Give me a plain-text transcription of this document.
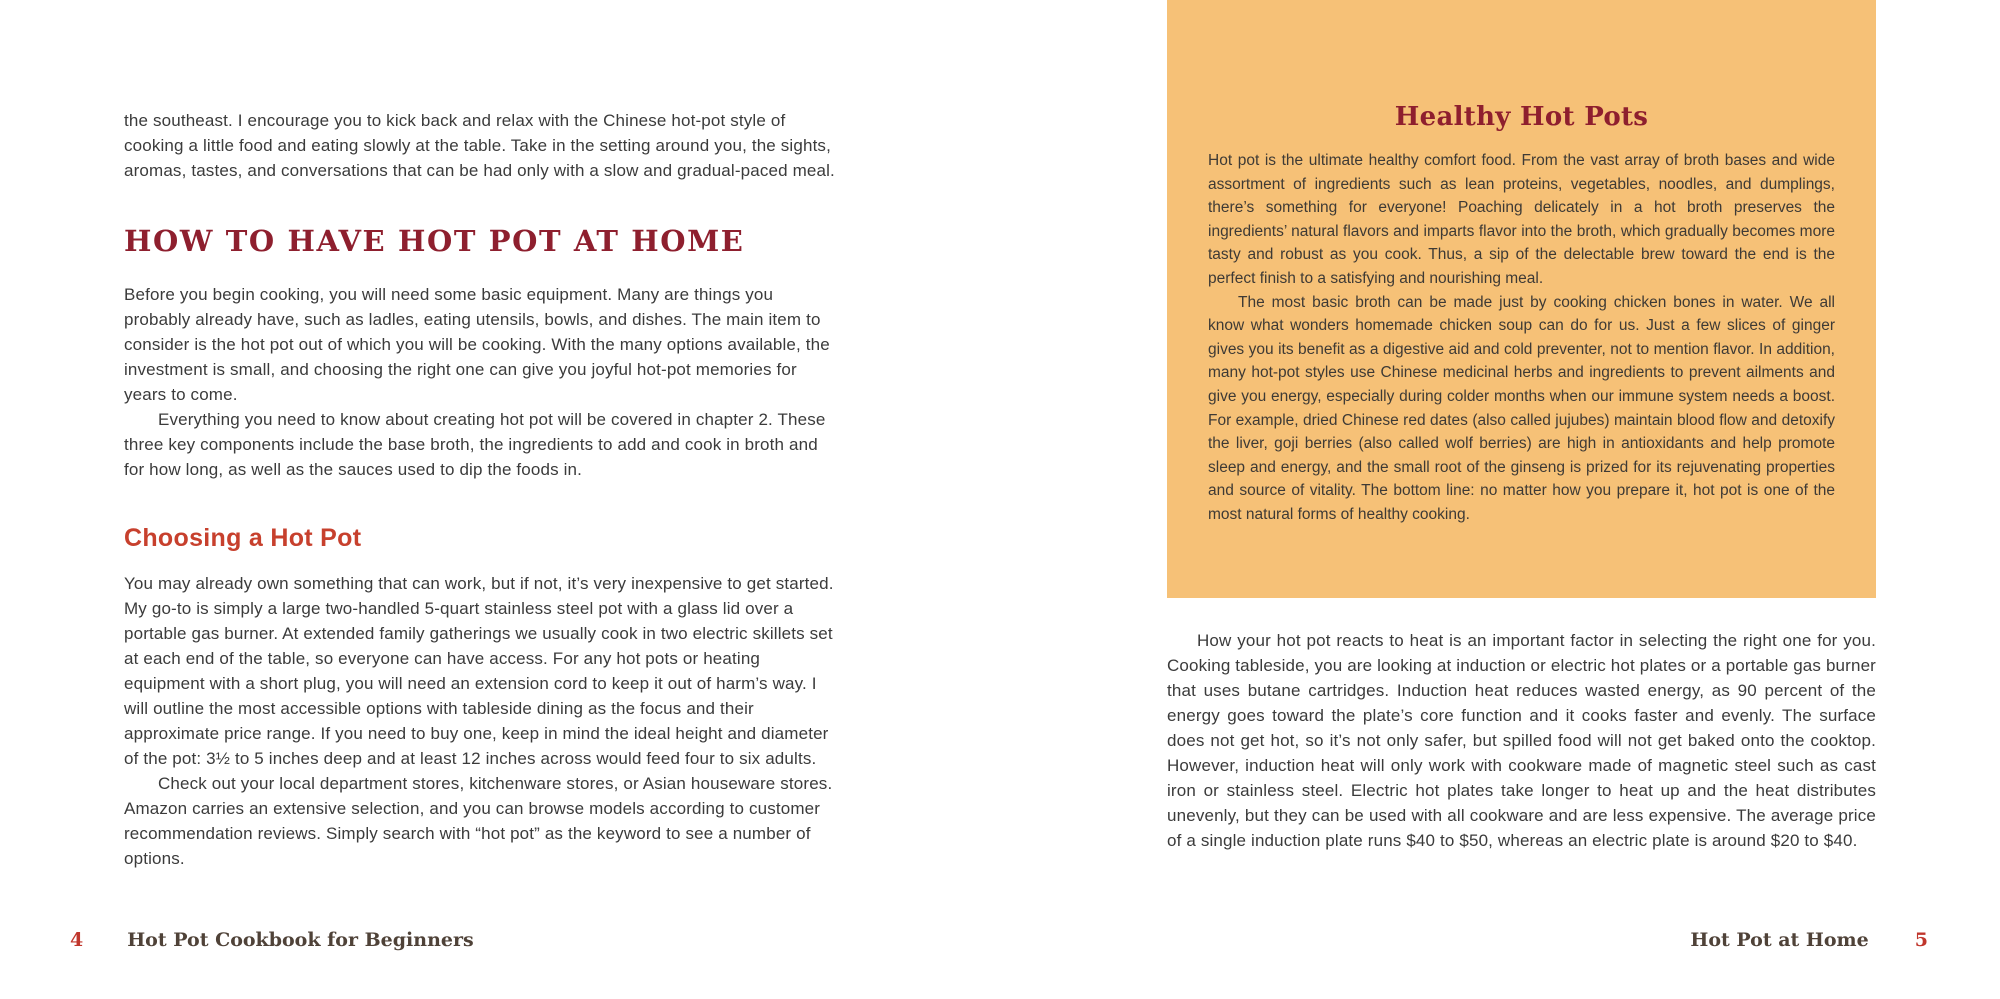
the southeast. I encourage you to kick back and relax with the Chinese hot-pot style of cooking a little food and eating slowly at the table. Take in the setting around you, the sights, aromas, tastes, and conversations that can be had only with a slow and gradual-paced meal.

HOW TO HAVE HOT POT AT HOME

Before you begin cooking, you will need some basic equipment. Many are things you probably already have, such as ladles, eating utensils, bowls, and dishes. The main item to consider is the hot pot out of which you will be cooking. With the many options available, the investment is small, and choosing the right one can give you joyful hot-pot memories for years to come.

Everything you need to know about creating hot pot will be covered in chapter 2. These three key components include the base broth, the ingredients to add and cook in broth and for how long, as well as the sauces used to dip the foods in.

Choosing a Hot Pot

You may already own something that can work, but if not, it’s very inexpensive to get started. My go-to is simply a large two-handled 5-quart stainless steel pot with a glass lid over a portable gas burner. At extended family gatherings we usually cook in two electric skillets set at each end of the table, so everyone can have access. For any hot pots or heating equipment with a short plug, you will need an extension cord to keep it out of harm’s way. I will outline the most accessible options with tableside dining as the focus and their approximate price range. If you need to buy one, keep in mind the ideal height and diameter of the pot: 3½ to 5 inches deep and at least 12 inches across would feed four to six adults.

Check out your local department stores, kitchenware stores, or Asian houseware stores. Amazon carries an extensive selection, and you can browse models according to customer recommendation reviews. Simply search with “hot pot” as the keyword to see a number of options.

4 Hot Pot Cookbook for Beginners
Healthy Hot Pots

Hot pot is the ultimate healthy comfort food. From the vast array of broth bases and wide assortment of ingredients such as lean proteins, vegetables, noodles, and dumplings, there’s something for everyone! Poaching delicately in a hot broth preserves the ingredients’ natural flavors and imparts flavor into the broth, which gradually becomes more tasty and robust as you cook. Thus, a sip of the delectable brew toward the end is the perfect finish to a satisfying and nourishing meal.

The most basic broth can be made just by cooking chicken bones in water. We all know what wonders homemade chicken soup can do for us. Just a few slices of ginger gives you its benefit as a digestive aid and cold preventer, not to mention flavor. In addition, many hot-pot styles use Chinese medicinal herbs and ingredients to prevent ailments and give you energy, especially during colder months when our immune system needs a boost. For example, dried Chinese red dates (also called jujubes) maintain blood flow and detoxify the liver, goji berries (also called wolf berries) are high in antioxidants and help promote sleep and energy, and the small root of the ginseng is prized for its rejuvenating properties and source of vitality. The bottom line: no matter how you prepare it, hot pot is one of the most natural forms of healthy cooking.

How your hot pot reacts to heat is an important factor in selecting the right one for you. Cooking tableside, you are looking at induction or electric hot plates or a portable gas burner that uses butane cartridges. Induction heat reduces wasted energy, as 90 percent of the energy goes toward the plate’s core function and it cooks faster and evenly. The surface does not get hot, so it’s not only safer, but spilled food will not get baked onto the cooktop. However, induction heat will only work with cookware made of magnetic steel such as cast iron or stainless steel. Electric hot plates take longer to heat up and the heat distributes unevenly, but they can be used with all cookware and are less expensive. The average price of a single induction plate runs $40 to $50, whereas an electric plate is around $20 to $40.

Hot Pot at Home 5
